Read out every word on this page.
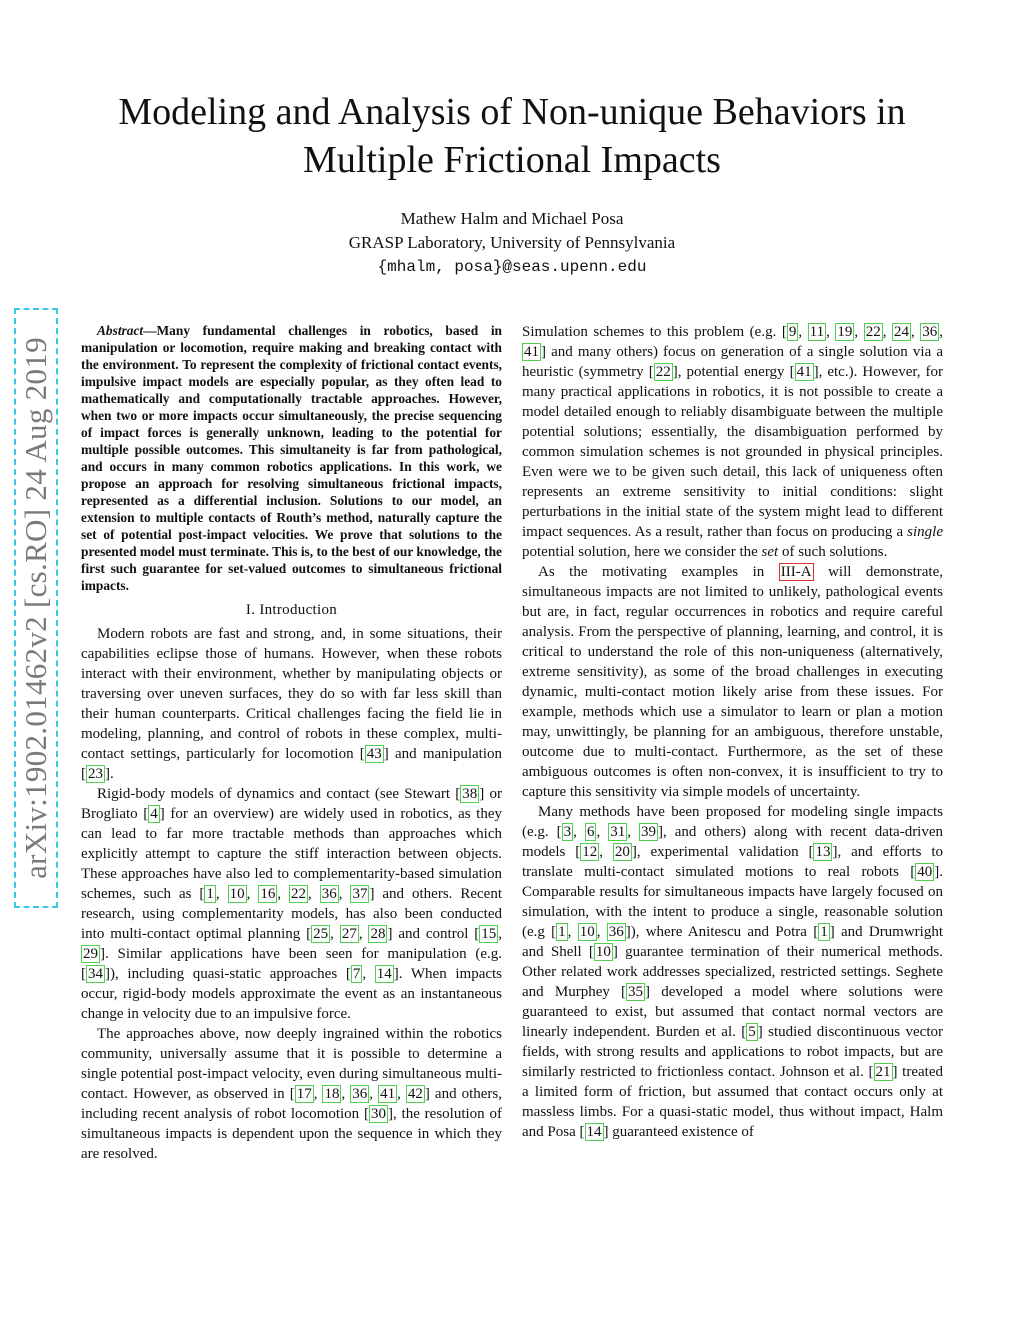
arXiv:1902.01462v2 [cs.RO] 24 Aug 2019
Modeling and Analysis of Non-unique Behaviors in
Multiple Frictional Impacts
Mathew Halm and Michael Posa
GRASP Laboratory, University of Pennsylvania
{mhalm, posa}@seas.upenn.edu

Abstract—Many fundamental challenges in robotics, based in manipulation or locomotion, require making and breaking contact with the environment. To represent the complexity of frictional contact events, impulsive impact models are especially popular, as they often lead to mathematically and computationally tractable approaches. However, when two or more impacts occur simultaneously, the precise sequencing of impact forces is generally unknown, leading to the potential for multiple possible outcomes. This simultaneity is far from pathological, and occurs in many common robotics applications. In this work, we propose an approach for resolving simultaneous frictional impacts, represented as a differential inclusion. Solutions to our model, an extension to multiple contacts of Routh’s method, naturally capture the set of potential post-impact velocities. We prove that solutions to the presented model must terminate. This is, to the best of our knowledge, the first such guarantee for set-valued outcomes to simultaneous frictional impacts.

I. Introduction

Modern robots are fast and strong, and, in some situations, their capabilities eclipse those of humans. However, when these robots interact with their environment, whether by manipulating objects or traversing over uneven surfaces, they do so with far less skill than their human counterparts. Critical challenges facing the field lie in modeling, planning, and control of robots in these complex, multi-contact settings, particularly for locomotion [ 43 ] and manipulation [ 23 ].

Rigid-body models of dynamics and contact (see Stewart [ 38 ] or Brogliato [ 4 ] for an overview) are widely used in robotics, as they can lead to far more tractable methods than approaches which explicitly attempt to capture the stiff interaction between objects. These approaches have also led to complementarity-based simulation schemes, such as [ 1 , 10 , 16 , 22 , 36 , 37 ] and others. Recent research, using complementarity models, has also been conducted into multi-contact optimal planning [ 25 , 27 , 28 ] and control [ 15 , 29 ]. Similar applications have been seen for manipulation (e.g. [ 34 ]), including quasi-static approaches [ 7 , 14 ]. When impacts occur, rigid-body models approximate the event as an instantaneous change in velocity due to an impulsive force.

The approaches above, now deeply ingrained within the robotics community, universally assume that it is possible to determine a single potential post-impact velocity, even during simultaneous multi-contact. However, as observed in [ 17 , 18 , 36 , 41 , 42 ] and others, including recent analysis of robot locomotion [ 30 ], the resolution of simultaneous impacts is dependent upon the sequence in which they are resolved.

Simulation schemes to this problem (e.g. [ 9 , 11 , 19 , 22 , 24 , 36 , 41 ] and many others) focus on generation of a single solution via a heuristic (symmetry [ 22 ], potential energy [ 41 ], etc.). However, for many practical applications in robotics, it is not possible to create a model detailed enough to reliably disambiguate between the multiple potential solutions; essentially, the disambiguation performed by common simulation schemes is not grounded in physical principles. Even were we to be given such detail, this lack of uniqueness often represents an extreme sensitivity to initial conditions: slight perturbations in the initial state of the system might lead to different impact sequences. As a result, rather than focus on producing a single potential solution, here we consider the set of such solutions.

As the motivating examples in III-A will demonstrate, simultaneous impacts are not limited to unlikely, pathological events but are, in fact, regular occurrences in robotics and require careful analysis. From the perspective of planning, learning, and control, it is critical to understand the role of this non-uniqueness (alternatively, extreme sensitivity), as some of the broad challenges in executing dynamic, multi-contact motion likely arise from these issues. For example, methods which use a simulator to learn or plan a motion may, unwittingly, be planning for an ambiguous, therefore unstable, outcome due to multi-contact. Furthermore, as the set of these ambiguous outcomes is often non-convex, it is insufficient to try to capture this sensitivity via simple models of uncertainty.

Many methods have been proposed for modeling single impacts (e.g. [ 3 , 6 , 31 , 39 ], and others) along with recent data-driven models [ 12 , 20 ], experimental validation [ 13 ], and efforts to translate multi-contact simulated motions to real robots [ 40 ]. Comparable results for simultaneous impacts have largely focused on simulation, with the intent to produce a single, reasonable solution (e.g [ 1 , 10 , 36 ]), where Anitescu and Potra [ 1 ] and Drumwright and Shell [ 10 ] guarantee termination of their numerical methods. Other related work addresses specialized, restricted settings. Seghete and Murphey [ 35 ] developed a model where solutions were guaranteed to exist, but assumed that contact normal vectors are linearly independent. Burden et al. [ 5 ] studied discontinuous vector fields, with strong results and applications to robot impacts, but are similarly restricted to frictionless contact. Johnson et al. [ 21 ] treated a limited form of friction, but assumed that contact occurs only at massless limbs. For a quasi-static model, thus without impact, Halm and Posa [ 14 ] guaranteed existence of
